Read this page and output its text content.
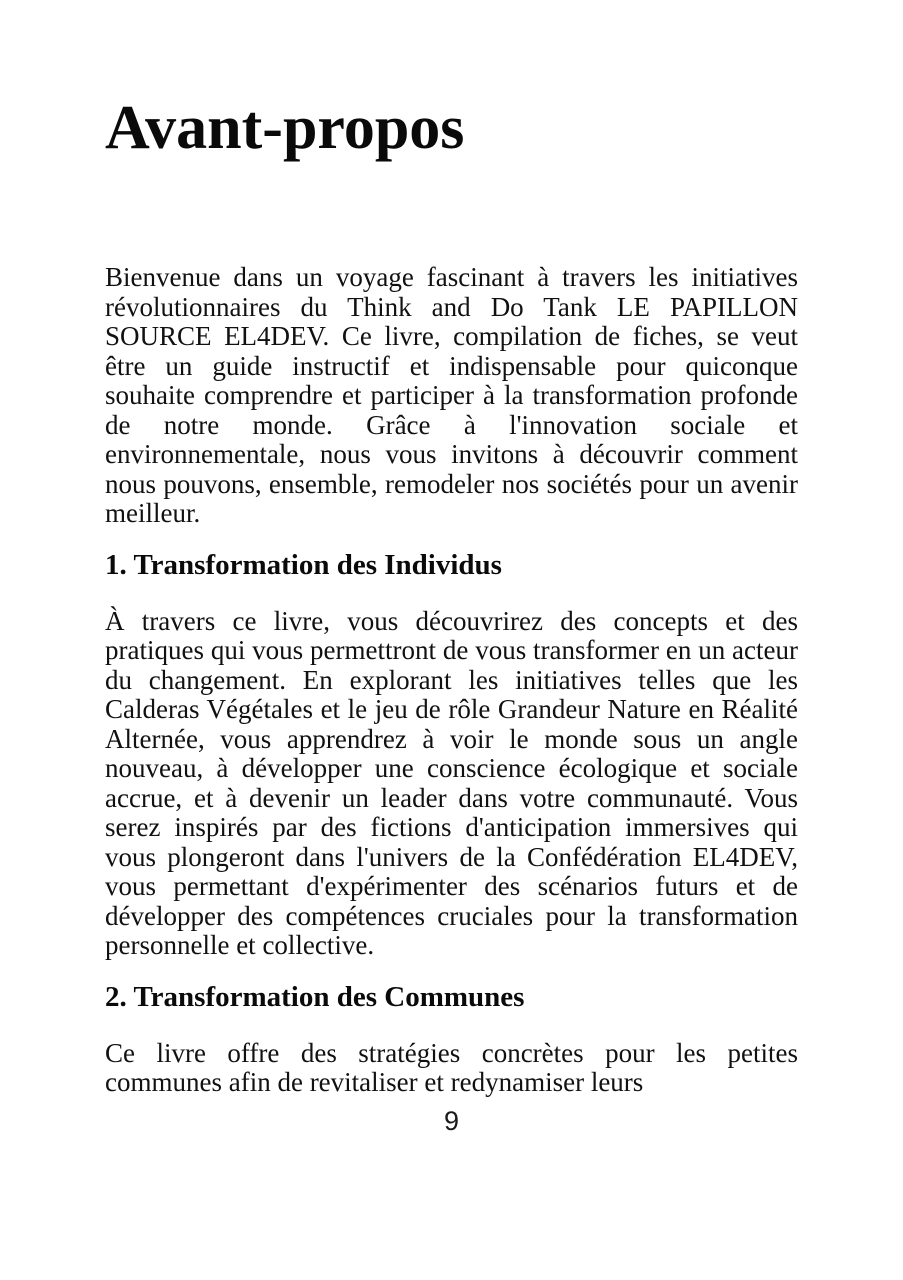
Avant-propos

Bienvenue dans un voyage fascinant à travers les initiatives révolutionnaires du Think and Do Tank LE PAPILLON SOURCE EL4DEV. Ce livre, compilation de fiches, se veut être un guide instructif et indispensable pour quiconque souhaite comprendre et participer à la transformation profonde de notre monde. Grâce à l'innovation sociale et environnementale, nous vous invitons à découvrir comment nous pouvons, ensemble, remodeler nos sociétés pour un avenir meilleur.

1. Transformation des Individus

À travers ce livre, vous découvrirez des concepts et des pratiques qui vous permettront de vous transformer en un acteur du changement. En explorant les initiatives telles que les Calderas Végétales et le jeu de rôle Grandeur Nature en Réalité Alternée, vous apprendrez à voir le monde sous un angle nouveau, à développer une conscience écologique et sociale accrue, et à devenir un leader dans votre communauté. Vous serez inspirés par des fictions d'anticipation immersives qui vous plongeront dans l'univers de la Confédération EL4DEV, vous permettant d'expérimenter des scénarios futurs et de développer des compétences cruciales pour la transformation personnelle et collective.

2. Transformation des Communes

Ce livre offre des stratégies concrètes pour les petites communes afin de revitaliser et redynamiser leurs

9
